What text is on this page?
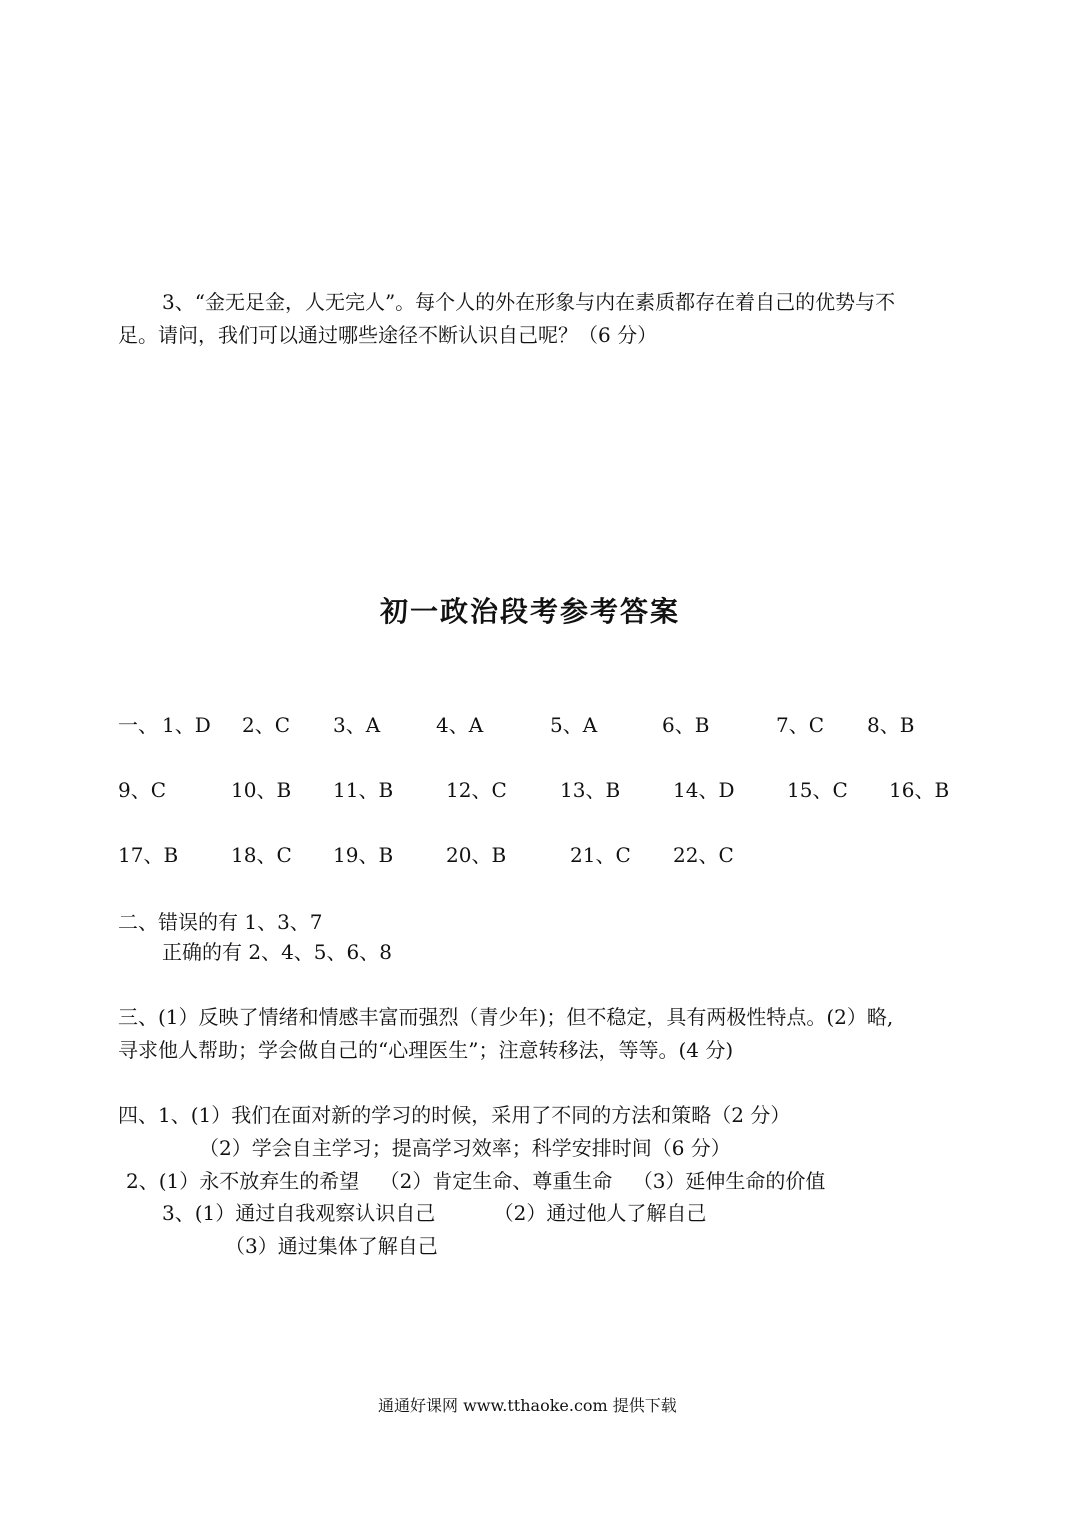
3、“金无足金，人无完人”。每个人的外在形象与内在素质都存在着自己的优势与不
足。请问，我们可以通过哪些途径不断认识自己呢？（6 分）
初一政治段考参考答案
一、 1、D 2、C 3、A	4、A	5、A	6、B	7、C 8、B
9、C	10、B 11、B	12、C	13、B	14、D	15、C 16、B
17、B	18、C 19、B	20、B	21、C 22、C
二、错误的有 1、3、7
正确的有 2、4、5、6、8
三、(1）反映了情绪和情感丰富而强烈（青少年)；但不稳定，具有两极性特点。(2）略,
寻求他人帮助；学会做自己的“心理医生”；注意转移法，等等。(4 分)
四、1、(1）我们在面对新的学习的时候，采用了不同的方法和策略（2 分）
（2）学会自主学习；提高学习效率；科学安排时间（6 分）
2、(1）永不放弃生的希望 （2）肯定生命、尊重生命 （3）延伸生命的价值
3、(1）通过自我观察认识自己 （2）通过他人了解自己
（3）通过集体了解自己
通通好课网 www.tthaoke.com 提供下载
